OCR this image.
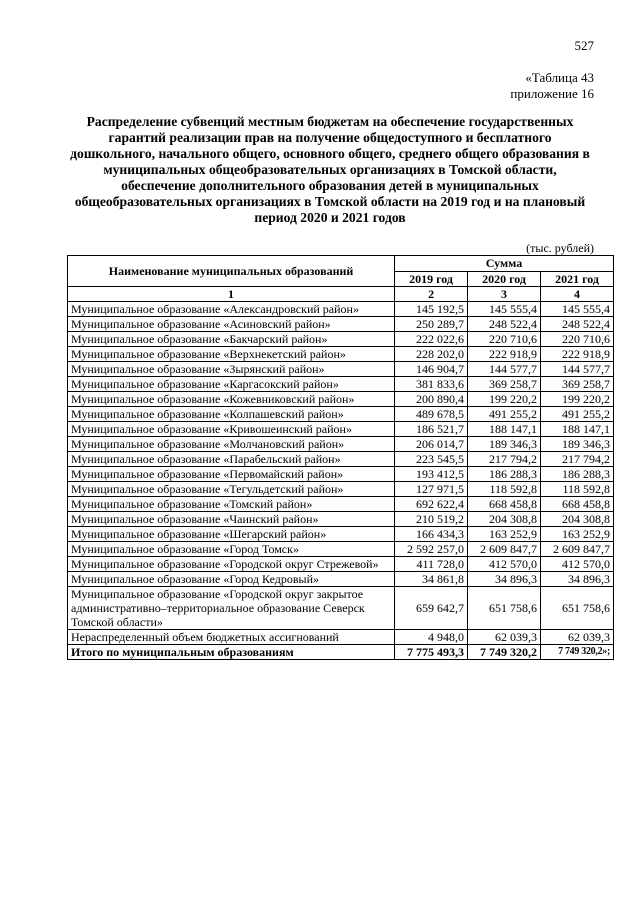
527
«Таблица 43
приложение 16
Распределение субвенций местным бюджетам на обеспечение государственных гарантий реализации прав на получение общедоступного и бесплатного дошкольного, начального общего, основного общего, среднего общего образования в муниципальных общеобразовательных организациях в Томской области, обеспечение дополнительного образования детей в муниципальных общеобразовательных организациях в Томской области на 2019 год и на плановый период 2020 и 2021 годов
(тыс. рублей)
Наименование муниципальных образований	Сумма		
	2019 год	2020 год	2021 год
1	2	3	4
Муниципальное образование «Александровский район»	145 192,5	145 555,4	145 555,4
Муниципальное образование «Асиновский район»	250 289,7	248 522,4	248 522,4
Муниципальное образование «Бакчарский район»	222 022,6	220 710,6	220 710,6
Муниципальное образование «Верхнекетский район»	228 202,0	222 918,9	222 918,9
Муниципальное образование «Зырянский район»	146 904,7	144 577,7	144 577,7
Муниципальное образование «Каргасокский район»	381 833,6	369 258,7	369 258,7
Муниципальное образование «Кожевниковский район»	200 890,4	199 220,2	199 220,2
Муниципальное образование «Колпашевский район»	489 678,5	491 255,2	491 255,2
Муниципальное образование «Кривошеинский район»	186 521,7	188 147,1	188 147,1
Муниципальное образование «Молчановский район»	206 014,7	189 346,3	189 346,3
Муниципальное образование «Парабельский район»	223 545,5	217 794,2	217 794,2
Муниципальное образование «Первомайский район»	193 412,5	186 288,3	186 288,3
Муниципальное образование «Тегульдетский район»	127 971,5	118 592,8	118 592,8
Муниципальное образование «Томский район»	692 622,4	668 458,8	668 458,8
Муниципальное образование «Чаинский район»	210 519,2	204 308,8	204 308,8
Муниципальное образование «Шегарский район»	166 434,3	163 252,9	163 252,9
Муниципальное образование «Город Томск»	2 592 257,0	2 609 847,7	2 609 847,7
Муниципальное образование «Городской округ Стрежевой»	411 728,0	412 570,0	412 570,0
Муниципальное образование «Город Кедровый»	34 861,8	34 896,3	34 896,3
Муниципальное образование «Городской округ закрытое административно–территориальное образование Северск Томской области»	659 642,7	651 758,6	651 758,6
Нераспределенный объем бюджетных ассигнований	4 948,0	62 039,3	62 039,3
Итого по муниципальным образованиям	7 775 493,3	7 749 320,2	7 749 320,2»;
